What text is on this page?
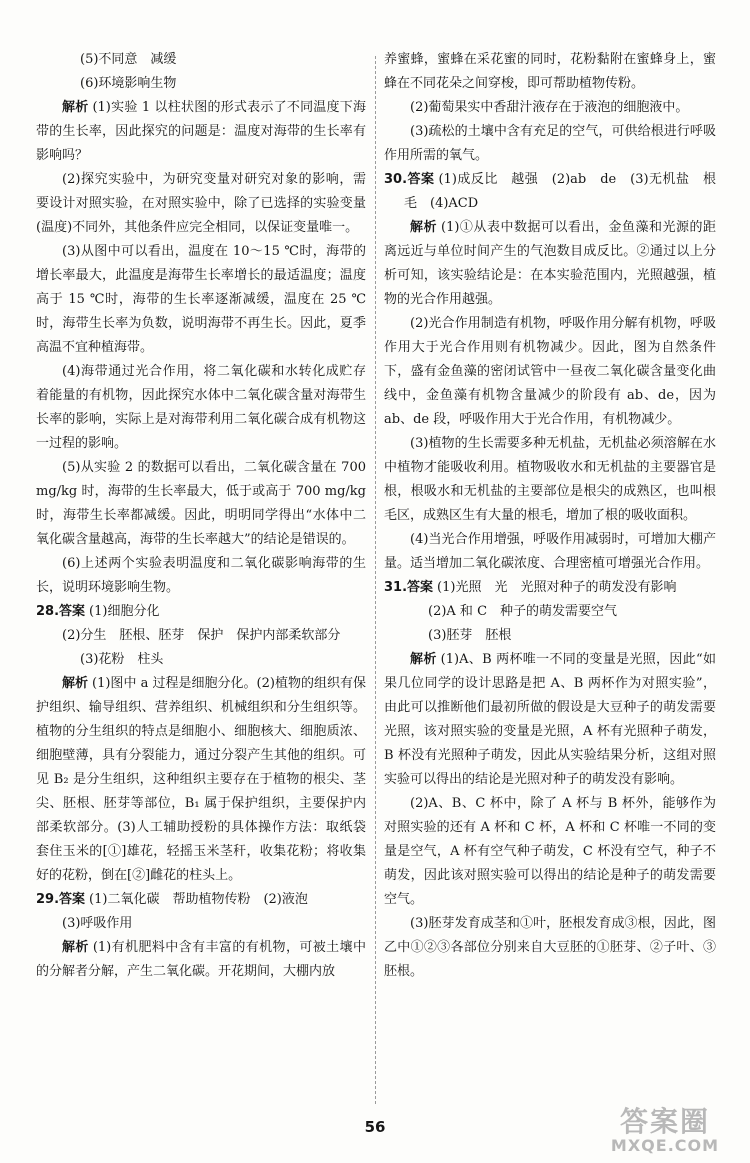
(5)不同意　减缓

(6)环境影响生物

解析 (1)实验 1 以柱状图的形式表示了不同温度下海带的生长率，因此探究的问题是：温度对海带的生长率有影响吗？

(2)探究实验中，为研究变量对研究对象的影响，需要设计对照实验，在对照实验中，除了已选择的实验变量(温度)不同外，其他条件应完全相同，以保证变量唯一。

(3)从图中可以看出，温度在 10～15 ℃时，海带的增长率最大，此温度是海带生长率增长的最适温度；温度高于 15 ℃时，海带的生长率逐渐减缓，温度在 25 ℃时，海带生长率为负数，说明海带不再生长。因此，夏季高温不宜种植海带。

(4)海带通过光合作用，将二氧化碳和水转化成贮存着能量的有机物，因此探究水体中二氧化碳含量对海带生长率的影响，实际上是对海带利用二氧化碳合成有机物这一过程的影响。

(5)从实验 2 的数据可以看出，二氧化碳含量在 700 mg/kg 时，海带的生长率最大，低于或高于 700 mg/kg 时，海带生长率都减缓。因此，明明同学得出“水体中二氧化碳含量越高，海带的生长率越大”的结论是错误的。

(6)上述两个实验表明温度和二氧化碳影响海带的生长，说明环境影响生物。

28.答案 (1)细胞分化

(2)分生　胚根、胚芽　保护　保护内部柔软部分

(3)花粉　柱头

解析 (1)图中 a 过程是细胞分化。(2)植物的组织有保护组织、输导组织、营养组织、机械组织和分生组织等。植物的分生组织的特点是细胞小、细胞核大、细胞质浓、细胞壁薄，具有分裂能力，通过分裂产生其他的组织。可见 B₂ 是分生组织，这种组织主要存在于植物的根尖、茎尖、胚根、胚芽等部位，B₁ 属于保护组织，主要保护内部柔软部分。(3)人工辅助授粉的具体操作方法：取纸袋套住玉米的[①]雄花，轻摇玉米茎秆，收集花粉；将收集好的花粉，倒在[②]雌花的柱头上。

29.答案 (1)二氧化碳　帮助植物传粉　(2)液泡

(3)呼吸作用

解析 (1)有机肥料中含有丰富的有机物，可被土壤中的分解者分解，产生二氧化碳。开花期间，大棚内放

养蜜蜂，蜜蜂在采花蜜的同时，花粉黏附在蜜蜂身上，蜜蜂在不同花朵之间穿梭，即可帮助植物传粉。

(2)葡萄果实中香甜汁液存在于液泡的细胞液中。

(3)疏松的土壤中含有充足的空气，可供给根进行呼吸作用所需的氧气。

30.答案 (1)成反比　越强　(2)ab　de　(3)无机盐　根毛　(4)ACD

解析 (1)①从表中数据可以看出，金鱼藻和光源的距离远近与单位时间产生的气泡数目成反比。②通过以上分析可知，该实验结论是：在本实验范围内，光照越强，植物的光合作用越强。

(2)光合作用制造有机物，呼吸作用分解有机物，呼吸作用大于光合作用则有机物减少。因此，图为自然条件下，盛有金鱼藻的密闭试管中一昼夜二氧化碳含量变化曲线中，金鱼藻有机物含量减少的阶段有 ab、de，因为 ab、de 段，呼吸作用大于光合作用，有机物减少。

(3)植物的生长需要多种无机盐，无机盐必须溶解在水中植物才能吸收利用。植物吸收水和无机盐的主要器官是根，根吸水和无机盐的主要部位是根尖的成熟区，也叫根毛区，成熟区生有大量的根毛，增加了根的吸收面积。

(4)当光合作用增强，呼吸作用减弱时，可增加大棚产量。适当增加二氧化碳浓度、合理密植可增强光合作用。

31.答案 (1)光照　光　光照对种子的萌发没有影响

(2)A 和 C　种子的萌发需要空气

(3)胚芽　胚根

解析 (1)A、B 两杯唯一不同的变量是光照，因此“如果几位同学的设计思路是把 A、B 两杯作为对照实验”，由此可以推断他们最初所做的假设是大豆种子的萌发需要光照，该对照实验的变量是光照，A 杯有光照种子萌发，B 杯没有光照种子萌发，因此从实验结果分析，这组对照实验可以得出的结论是光照对种子的萌发没有影响。

(2)A、B、C 杯中，除了 A 杯与 B 杯外，能够作为对照实验的还有 A 杯和 C 杯，A 杯和 C 杯唯一不同的变量是空气，A 杯有空气种子萌发，C 杯没有空气，种子不萌发，因此该对照实验可以得出的结论是种子的萌发需要空气。

(3)胚芽发育成茎和①叶，胚根发育成③根，因此，图乙中①②③各部位分别来自大豆胚的①胚芽、②子叶、③胚根。

56	答案圈
MXQE.COM
